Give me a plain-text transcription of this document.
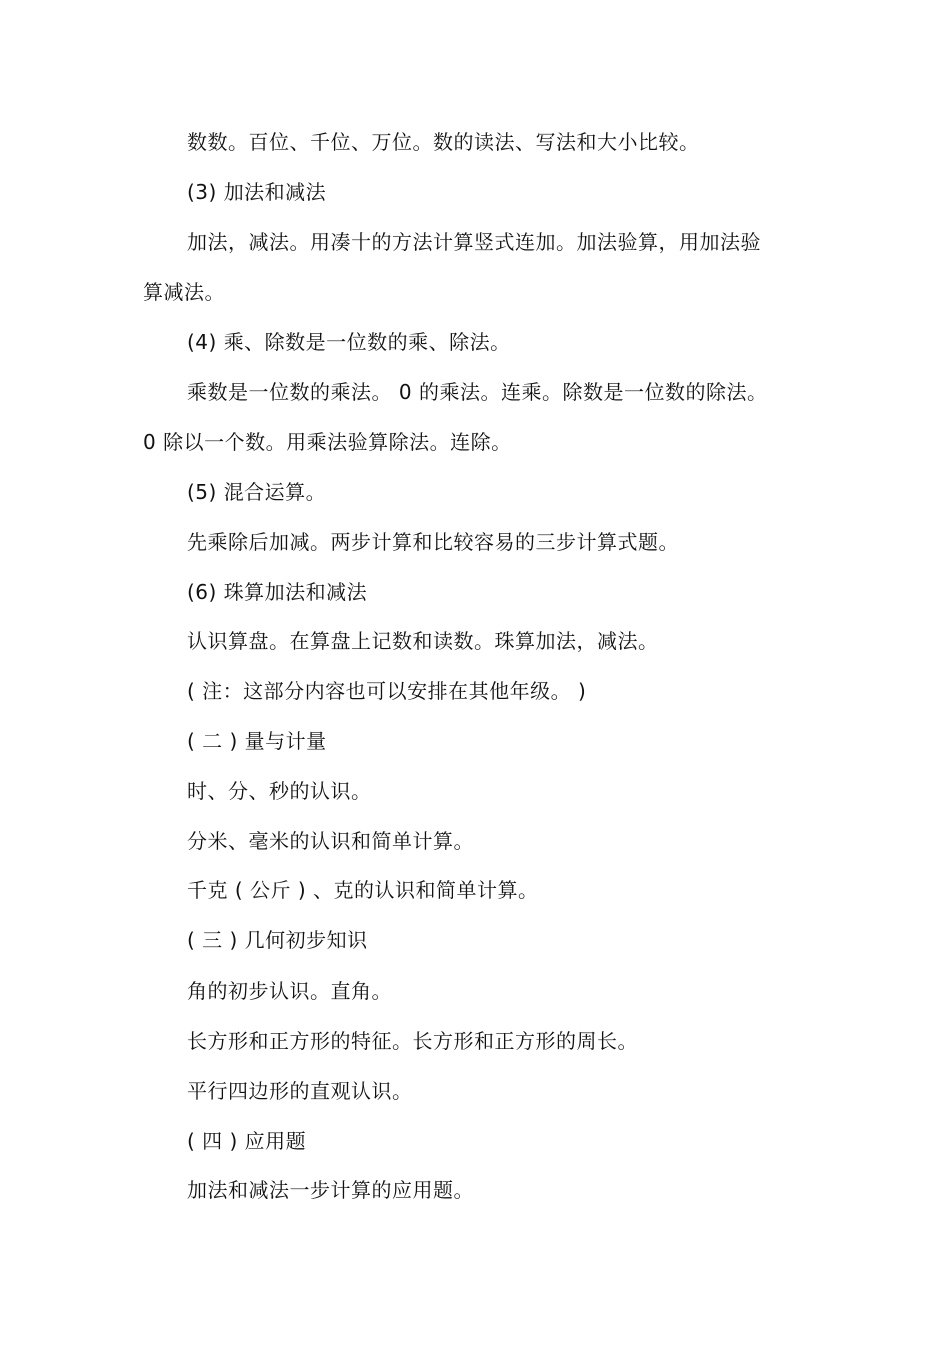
数数。百位、千位、万位。数的读法、写法和大小比较。
(3) 加法和减法
加法，减法。用凑十的方法计算竖式连加。加法验算，用加法验
算减法。
(4) 乘、除数是一位数的乘、除法。
乘数是一位数的乘法。 0 的乘法。连乘。除数是一位数的除法。
0 除以一个数。用乘法验算除法。连除。
(5) 混合运算。
先乘除后加减。两步计算和比较容易的三步计算式题。
(6) 珠算加法和减法
认识算盘。在算盘上记数和读数。珠算加法，减法。
( 注：这部分内容也可以安排在其他年级。 )
( 二 ) 量与计量
时、分、秒的认识。
分米、毫米的认识和简单计算。
千克 ( 公斤 ) 、克的认识和简单计算。
( 三 ) 几何初步知识
角的初步认识。直角。
长方形和正方形的特征。长方形和正方形的周长。
平行四边形的直观认识。
( 四 ) 应用题
加法和减法一步计算的应用题。
